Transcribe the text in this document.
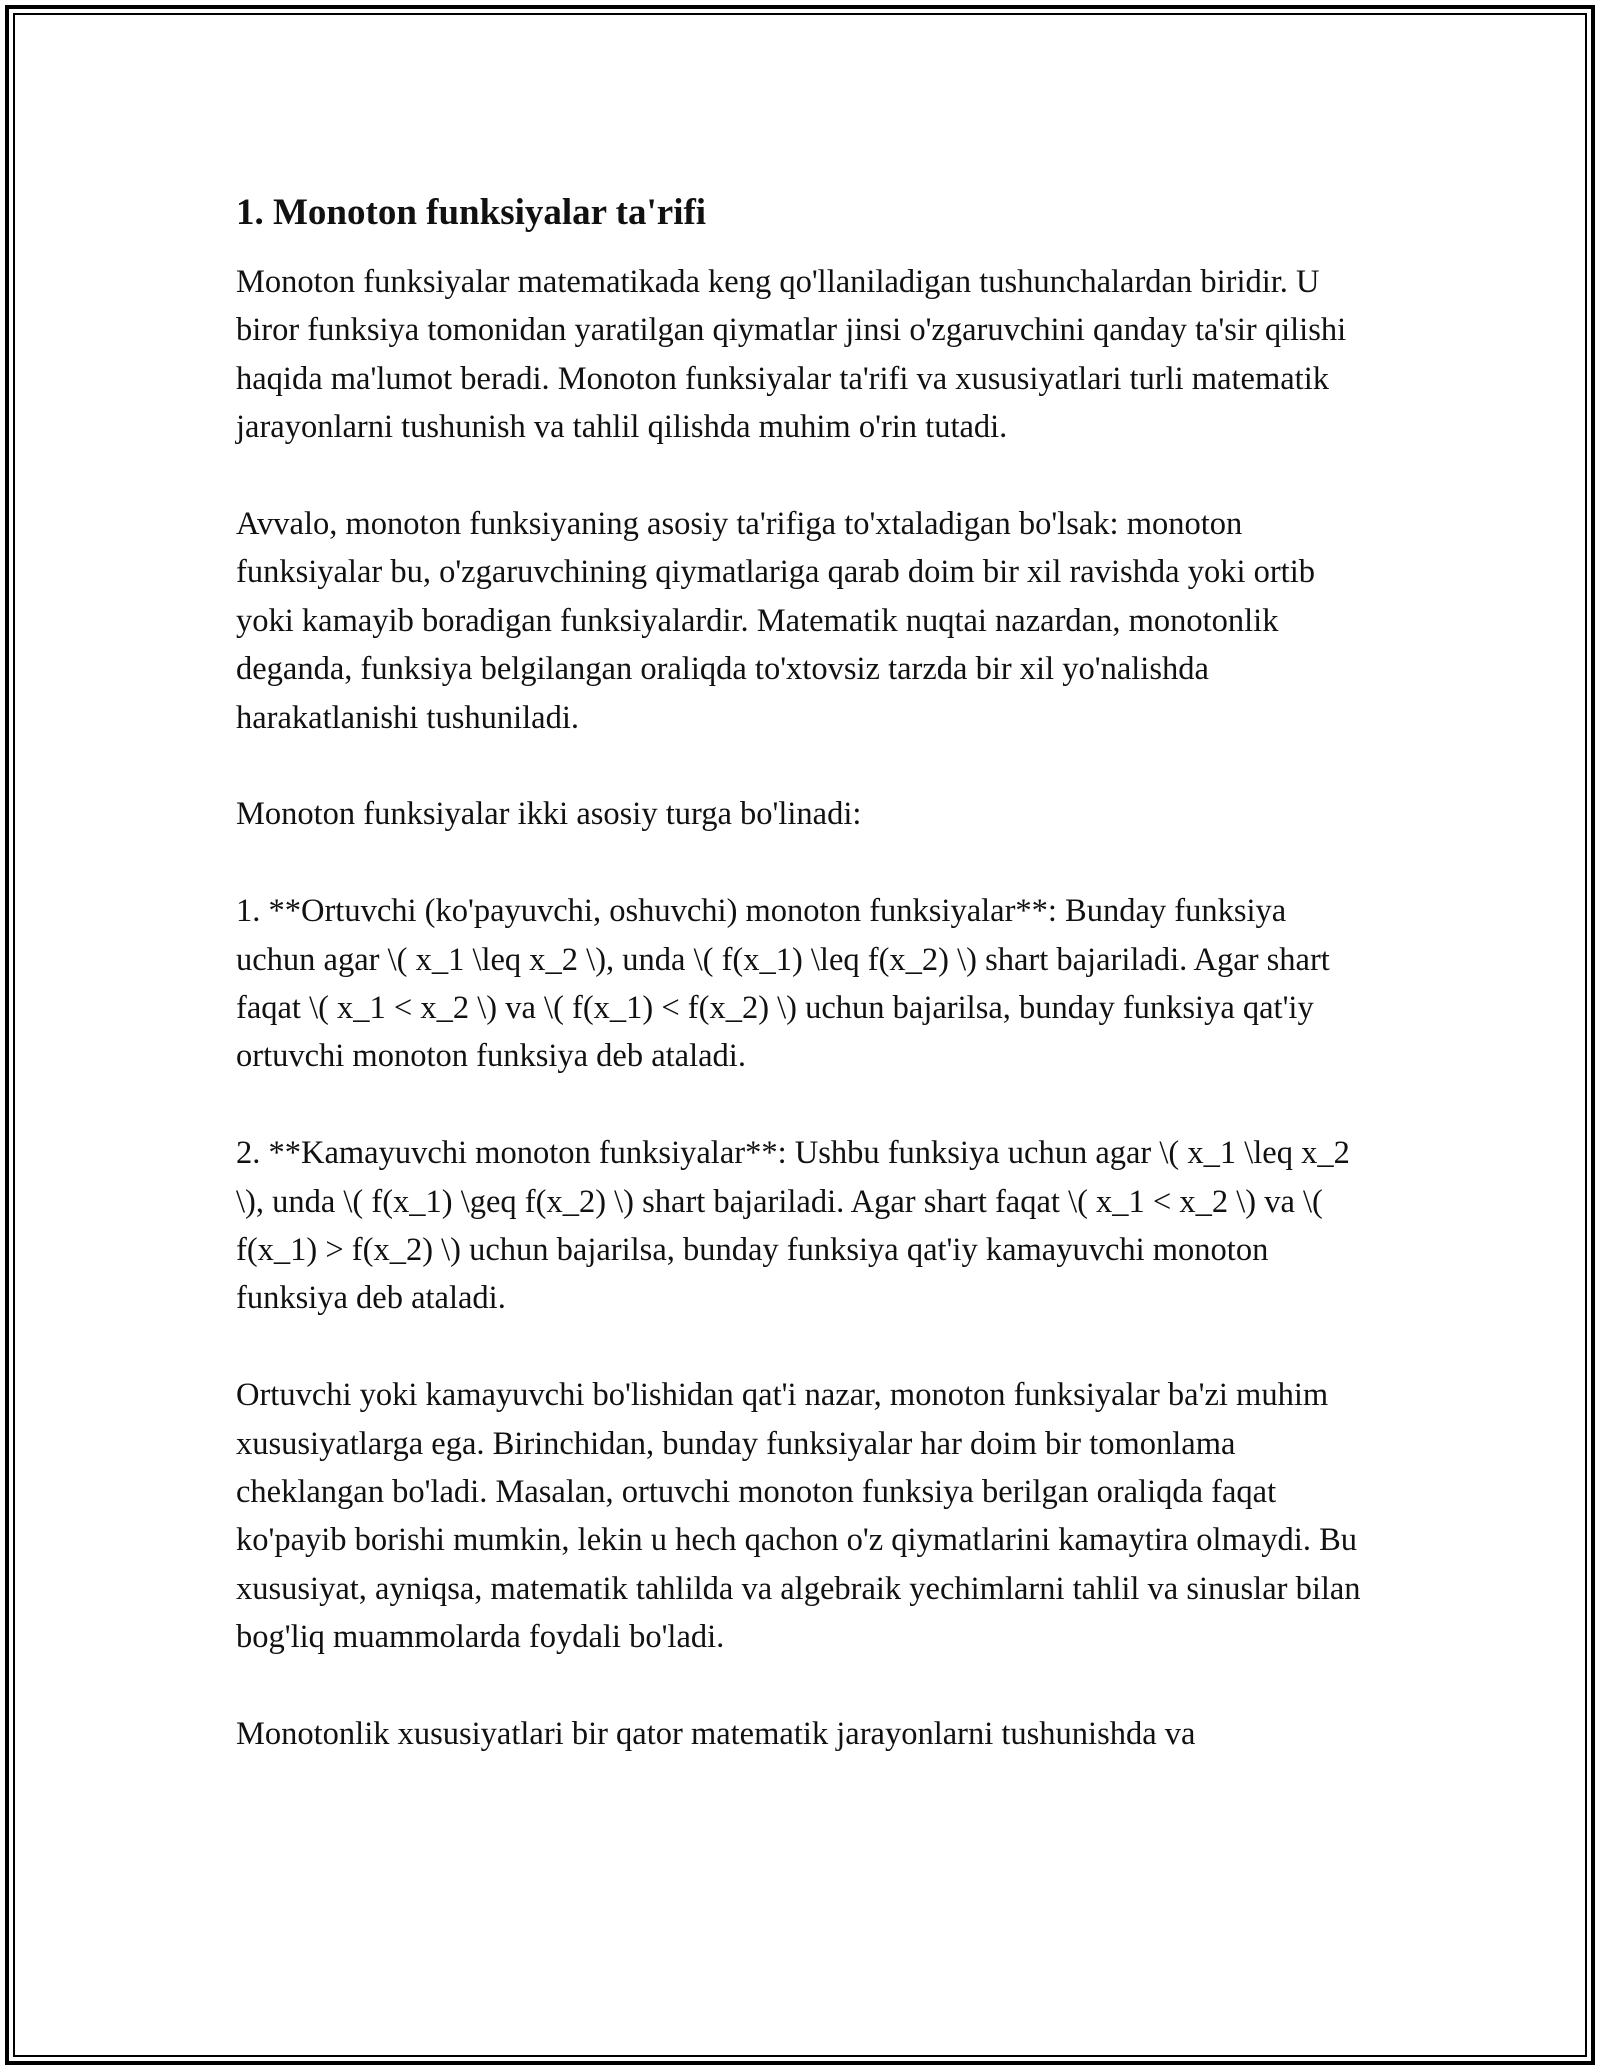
1. Monoton funksiyalar ta'rifi

Monoton funksiyalar matematikada keng qo'llaniladigan tushunchalardan biridir. U biror funksiya tomonidan yaratilgan qiymatlar jinsi o'zgaruvchini qanday ta'sir qilishi haqida ma'lumot beradi. Monoton funksiyalar ta'rifi va xususiyatlari turli matematik jarayonlarni tushunish va tahlil qilishda muhim o'rin tutadi.

Avvalo, monoton funksiyaning asosiy ta'rifiga to'xtaladigan bo'lsak: monoton funksiyalar bu, o'zgaruvchining qiymatlariga qarab doim bir xil ravishda yoki ortib yoki kamayib boradigan funksiyalardir. Matematik nuqtai nazardan, monotonlik deganda, funksiya belgilangan oraliqda to'xtovsiz tarzda bir xil yo'nalishda harakatlanishi tushuniladi.

Monoton funksiyalar ikki asosiy turga bo'linadi:

1. **Ortuvchi (ko'payuvchi, oshuvchi) monoton funksiyalar**: Bunday funksiya uchun agar \( x_1 \leq x_2 \), unda \( f(x_1) \leq f(x_2) \) shart bajariladi. Agar shart faqat \( x_1 < x_2 \) va \( f(x_1) < f(x_2) \) uchun bajarilsa, bunday funksiya qat'iy ortuvchi monoton funksiya deb ataladi.

2. **Kamayuvchi monoton funksiyalar**: Ushbu funksiya uchun agar \( x_1 \leq x_2 \), unda \( f(x_1) \geq f(x_2) \) shart bajariladi. Agar shart faqat \( x_1 < x_2 \) va \( f(x_1) > f(x_2) \) uchun bajarilsa, bunday funksiya qat'iy kamayuvchi monoton funksiya deb ataladi.

Ortuvchi yoki kamayuvchi bo'lishidan qat'i nazar, monoton funksiyalar ba'zi muhim xususiyatlarga ega. Birinchidan, bunday funksiyalar har doim bir tomonlama cheklangan bo'ladi. Masalan, ortuvchi monoton funksiya berilgan oraliqda faqat ko'payib borishi mumkin, lekin u hech qachon o'z qiymatlarini kamaytira olmaydi. Bu xususiyat, ayniqsa, matematik tahlilda va algebraik yechimlarni tahlil va sinuslar bilan bog'liq muammolarda foydali bo'ladi.

Monotonlik xususiyatlari bir qator matematik jarayonlarni tushunishda va
